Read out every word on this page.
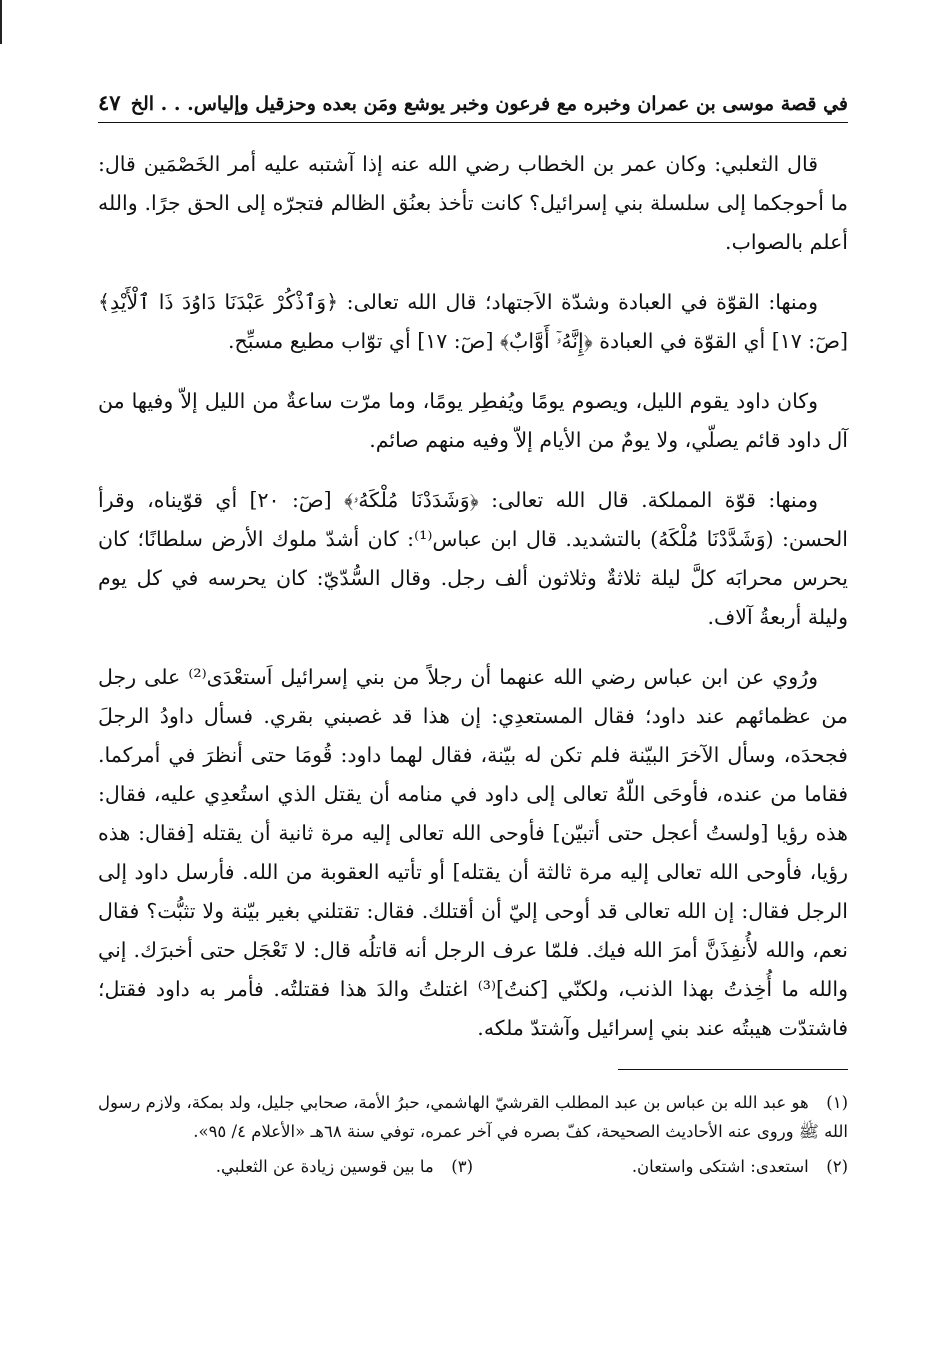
في قصة موسى بن عمران وخبره مع فرعون وخبر يوشع ومَن بعده وحزقيل وإلياس. . . الخ
٤٧

قال الثعلبي: وكان عمر بن الخطاب رضي الله عنه إذا آشتبه عليه أمر الخَصْمَين قال: ما أحوجكما إلى سلسلة بني إسرائيل؟ كانت تأخذ بعنُق الظالم فتجرّه إلى الحق جرًا. والله أعلم بالصواب.

ومنها: القوّة في العبادة وشدّة الاَجتهاد؛ قال الله تعالى: ﴿وَٱذْكُرْ عَبْدَنَا دَاوُدَ ذَا ٱلْأَيْدِ﴾ [صٓ: ١٧] أي القوّة في العبادة ﴿إِنَّهُۥٓ أَوَّابٌ﴾ [صٓ: ١٧] أي توّاب مطيع مسبِّح.

وكان داود يقوم الليل، ويصوم يومًا ويُفطِر يومًا، وما مرّت ساعةٌ من الليل إلاّ وفيها من آل داود قائم يصلّي، ولا يومٌ من الأيام إلاّ وفيه منهم صائم.

ومنها: قوّة المملكة. قال الله تعالى: ﴿وَشَدَدْنَا مُلْكَهُۥ﴾ [صٓ: ٢٠] أي قوّيناه، وقرأ الحسن: (وَشَدَّدْنَا مُلْكَهُ) بالتشديد. قال ابن عباس⁽¹⁾: كان أشدّ ملوك الأرض سلطانًا؛ كان يحرس محرابَه كلَّ ليلة ثلاثةٌ وثلاثون ألف رجل. وقال السُّدّيّ: كان يحرسه في كل يوم وليلة أربعةُ آلاف.

ورُوي عن ابن عباس رضي الله عنهما أن رجلاً من بني إسرائيل اَستعْدَى⁽²⁾ على رجل من عظمائهم عند داود؛ فقال المستعدِي: إن هذا قد غصبني بقري. فسأل داودُ الرجلَ فجحدَه، وسأل الآخرَ البيّنة فلم تكن له بيّنة، فقال لهما داود: قُومَا حتى أنظرَ في أمركما. فقاما من عنده، فأوحَى اللّهُ تعالى إلى داود في منامه أن يقتل الذي استُعدِي عليه، فقال: هذه رؤيا [ولستُ أعجل حتى أتبيّن] فأوحى الله تعالى إليه مرة ثانية أن يقتله [فقال: هذه رؤيا، فأوحى الله تعالى إليه مرة ثالثة أن يقتله] أو تأتيه العقوبة من الله. فأرسل داود إلى الرجل فقال: إن الله تعالى قد أوحى إليّ أن أقتلك. فقال: تقتلني بغير بيّنة ولا تثبُّت؟ فقال نعم، والله لأُنفِذَنَّ أمرَ الله فيك. فلمّا عرف الرجل أنه قاتلُه قال: لا تَعْجَل حتى أخبرَك. إني والله ما أُخِذتُ بهذا الذنب، ولكنّي [كنتُ]⁽³⁾ اغتلتُ والدَ هذا فقتلتُه. فأمر به داود فقتل؛ فاشتدّت هيبتُه عند بني إسرائيل وآشتدّ ملكه.

(١) هو عبد الله بن عباس بن عبد المطلب القرشيّ الهاشمي، حبرُ الأمة، صحابي جليل، ولد بمكة، ولازم رسول الله ﷺ وروى عنه الأحاديث الصحيحة، كفّ بصره في آخر عمره، توفي سنة ٦٨هـ «الأعلام ٤/ ٩٥».

(٢) استعدى: اشتكى واستعان.
(٣) ما بين قوسين زيادة عن الثعلبي.
